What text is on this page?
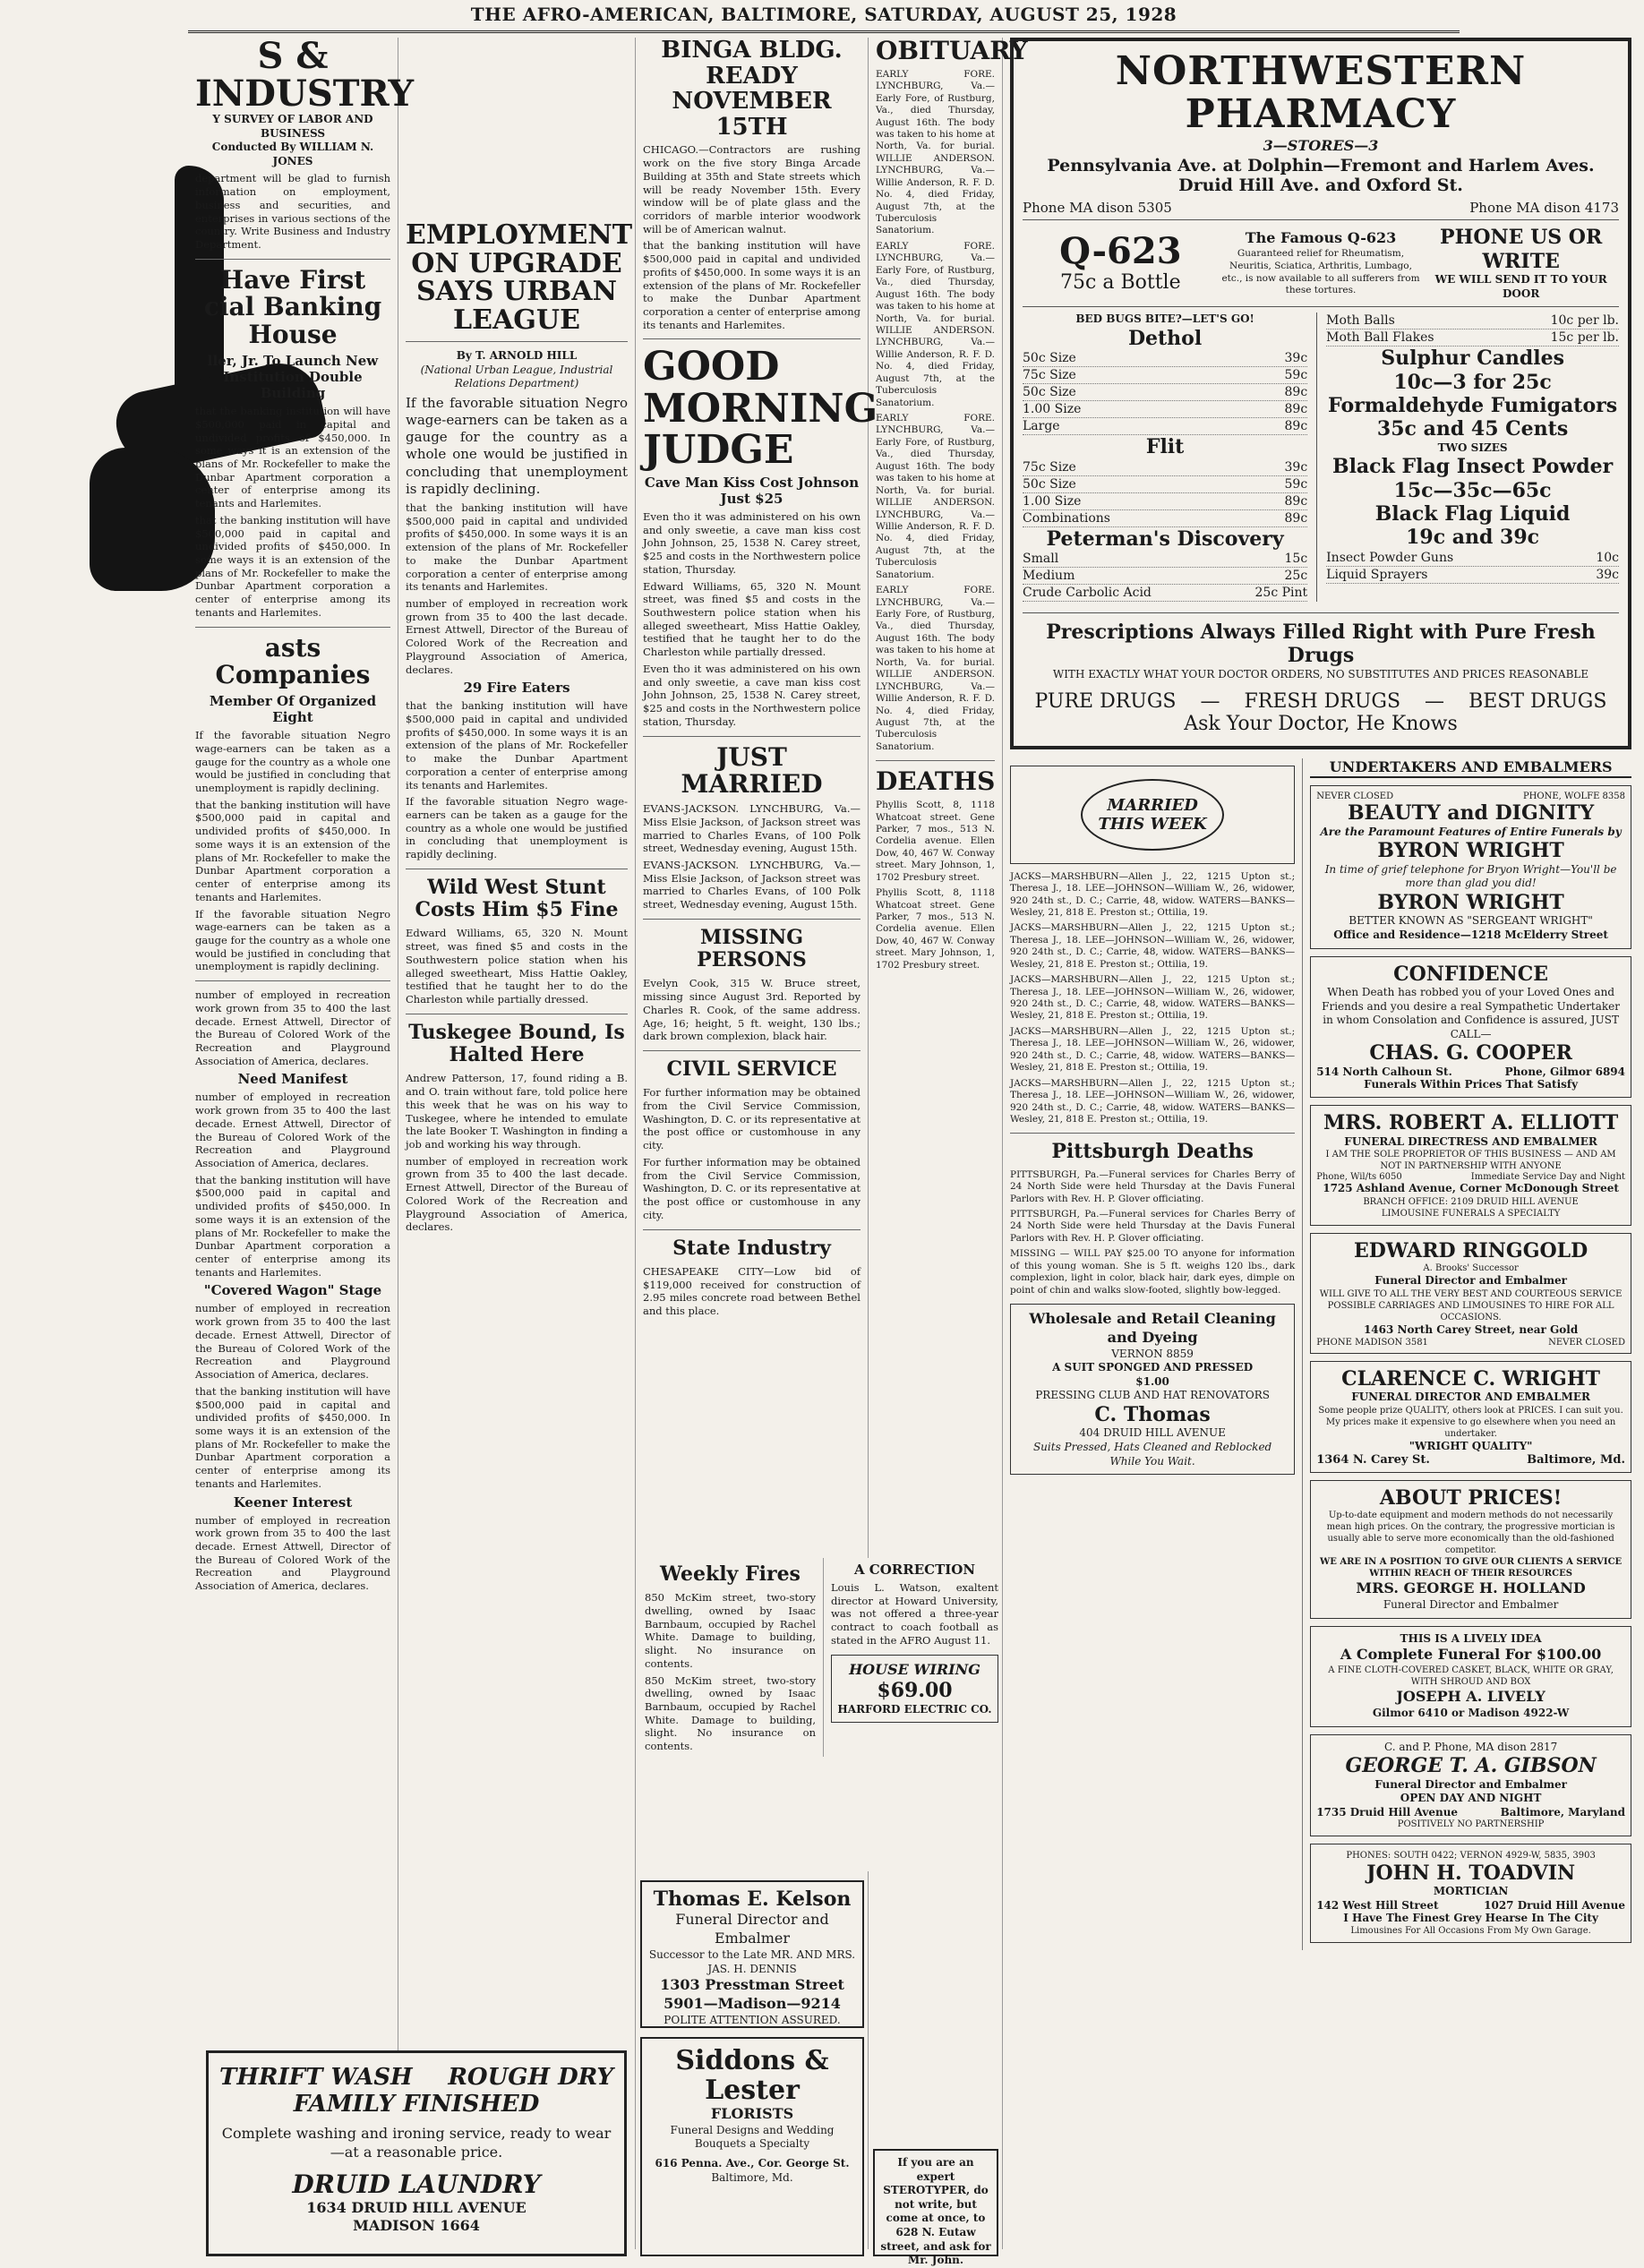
THE AFRO-AMERICAN, BALTIMORE, SATURDAY, AUGUST 25, 1928
S & INDUSTRY
Y SURVEY OF LABOR AND BUSINESS
Conducted By WILLIAM N. JONES
department will be glad to furnish information on employment, business and securities, and enterprises in various sections of the country. Write Business and Industry Department.
Have First
cial Banking House
ller, Jr. To Launch New Institution Double Building
that the banking institution will have $500,000 paid in capital and undivided profits of $450,000. In some ways it is an extension of the plans of Mr. Rockefeller to make the Dunbar Apartment corporation a center of enterprise among its tenants and Harlemites.
that the banking institution will have $500,000 paid in capital and undivided profits of $450,000. In some ways it is an extension of the plans of Mr. Rockefeller to make the Dunbar Apartment corporation a center of enterprise among its tenants and Harlemites.
asts
Companies
Member Of Organized Eight
If the favorable situation Negro wage-earners can be taken as a gauge for the country as a whole one would be justified in concluding that unemployment is rapidly declining.
that the banking institution will have $500,000 paid in capital and undivided profits of $450,000. In some ways it is an extension of the plans of Mr. Rockefeller to make the Dunbar Apartment corporation a center of enterprise among its tenants and Harlemites.
If the favorable situation Negro wage-earners can be taken as a gauge for the country as a whole one would be justified in concluding that unemployment is rapidly declining.
number of employed in recreation work grown from 35 to 400 the last decade. Ernest Attwell, Director of the Bureau of Colored Work of the Recreation and Playground Association of America, declares.
Need Manifest
number of employed in recreation work grown from 35 to 400 the last decade. Ernest Attwell, Director of the Bureau of Colored Work of the Recreation and Playground Association of America, declares.
that the banking institution will have $500,000 paid in capital and undivided profits of $450,000. In some ways it is an extension of the plans of Mr. Rockefeller to make the Dunbar Apartment corporation a center of enterprise among its tenants and Harlemites.
"Covered Wagon" Stage
number of employed in recreation work grown from 35 to 400 the last decade. Ernest Attwell, Director of the Bureau of Colored Work of the Recreation and Playground Association of America, declares.
that the banking institution will have $500,000 paid in capital and undivided profits of $450,000. In some ways it is an extension of the plans of Mr. Rockefeller to make the Dunbar Apartment corporation a center of enterprise among its tenants and Harlemites.
Keener Interest
number of employed in recreation work grown from 35 to 400 the last decade. Ernest Attwell, Director of the Bureau of Colored Work of the Recreation and Playground Association of America, declares.
EMPLOYMENT ON UPGRADE SAYS URBAN LEAGUE
By T. ARNOLD HILL
(National Urban League, Industrial Relations Department)
If the favorable situation Negro wage-earners can be taken as a gauge for the country as a whole one would be justified in concluding that unemployment is rapidly declining.
that the banking institution will have $500,000 paid in capital and undivided profits of $450,000. In some ways it is an extension of the plans of Mr. Rockefeller to make the Dunbar Apartment corporation a center of enterprise among its tenants and Harlemites.
number of employed in recreation work grown from 35 to 400 the last decade. Ernest Attwell, Director of the Bureau of Colored Work of the Recreation and Playground Association of America, declares.
29 Fire Eaters
that the banking institution will have $500,000 paid in capital and undivided profits of $450,000. In some ways it is an extension of the plans of Mr. Rockefeller to make the Dunbar Apartment corporation a center of enterprise among its tenants and Harlemites.
If the favorable situation Negro wage-earners can be taken as a gauge for the country as a whole one would be justified in concluding that unemployment is rapidly declining.
Wild West Stunt Costs Him $5 Fine
Edward Williams, 65, 320 N. Mount street, was fined $5 and costs in the Southwestern police station when his alleged sweetheart, Miss Hattie Oakley, testified that he taught her to do the Charleston while partially dressed.
Tuskegee Bound, Is Halted Here
Andrew Patterson, 17, found riding a B. and O. train without fare, told police here this week that he was on his way to Tuskegee, where he intended to emulate the late Booker T. Washington in finding a job and working his way through.
number of employed in recreation work grown from 35 to 400 the last decade. Ernest Attwell, Director of the Bureau of Colored Work of the Recreation and Playground Association of America, declares.
THRIFT WASH ROUGH DRY
FAMILY FINISHED
Complete washing and ironing service, ready to wear—at a reasonable price.
DRUID LAUNDRY
1634 DRUID HILL AVENUE
MADISON 1664
BINGA BLDG. READY NOVEMBER 15TH
CHICAGO.—Contractors are rushing work on the five story Binga Arcade Building at 35th and State streets which will be ready November 15th. Every window will be of plate glass and the corridors of marble interior woodwork will be of American walnut.
that the banking institution will have $500,000 paid in capital and undivided profits of $450,000. In some ways it is an extension of the plans of Mr. Rockefeller to make the Dunbar Apartment corporation a center of enterprise among its tenants and Harlemites.
GOOD MORNING JUDGE
Cave Man Kiss Cost Johnson Just $25
Even tho it was administered on his own and only sweetie, a cave man kiss cost John Johnson, 25, 1538 N. Carey street, $25 and costs in the Northwestern police station, Thursday.
Edward Williams, 65, 320 N. Mount street, was fined $5 and costs in the Southwestern police station when his alleged sweetheart, Miss Hattie Oakley, testified that he taught her to do the Charleston while partially dressed.
Even tho it was administered on his own and only sweetie, a cave man kiss cost John Johnson, 25, 1538 N. Carey street, $25 and costs in the Northwestern police station, Thursday.
JUST MARRIED
EVANS-JACKSON. LYNCHBURG, Va.—Miss Elsie Jackson, of Jackson street was married to Charles Evans, of 100 Polk street, Wednesday evening, August 15th.
EVANS-JACKSON. LYNCHBURG, Va.—Miss Elsie Jackson, of Jackson street was married to Charles Evans, of 100 Polk street, Wednesday evening, August 15th.
MISSING PERSONS
Evelyn Cook, 315 W. Bruce street, missing since August 3rd. Reported by Charles R. Cook, of the same address. Age, 16; height, 5 ft. weight, 130 lbs.; dark brown complexion, black hair.
CIVIL SERVICE
For further information may be obtained from the Civil Service Commission, Washington, D. C. or its representative at the post office or customhouse in any city.
For further information may be obtained from the Civil Service Commission, Washington, D. C. or its representative at the post office or customhouse in any city.
State Industry
CHESAPEAKE CITY—Low bid of $119,000 received for construction of 2.95 miles concrete road between Bethel and this place.
OBITUARY
EARLY FORE. LYNCHBURG, Va.—Early Fore, of Rustburg, Va., died Thursday, August 16th. The body was taken to his home at North, Va. for burial. WILLIE ANDERSON. LYNCHBURG, Va.—Willie Anderson, R. F. D. No. 4, died Friday, August 7th, at the Tuberculosis Sanatorium.
EARLY FORE. LYNCHBURG, Va.—Early Fore, of Rustburg, Va., died Thursday, August 16th. The body was taken to his home at North, Va. for burial. WILLIE ANDERSON. LYNCHBURG, Va.—Willie Anderson, R. F. D. No. 4, died Friday, August 7th, at the Tuberculosis Sanatorium.
EARLY FORE. LYNCHBURG, Va.—Early Fore, of Rustburg, Va., died Thursday, August 16th. The body was taken to his home at North, Va. for burial. WILLIE ANDERSON. LYNCHBURG, Va.—Willie Anderson, R. F. D. No. 4, died Friday, August 7th, at the Tuberculosis Sanatorium.
EARLY FORE. LYNCHBURG, Va.—Early Fore, of Rustburg, Va., died Thursday, August 16th. The body was taken to his home at North, Va. for burial. WILLIE ANDERSON. LYNCHBURG, Va.—Willie Anderson, R. F. D. No. 4, died Friday, August 7th, at the Tuberculosis Sanatorium.
DEATHS
Phyllis Scott, 8, 1118 Whatcoat street. Gene Parker, 7 mos., 513 N. Cordelia avenue. Ellen Dow, 40, 467 W. Conway street. Mary Johnson, 1, 1702 Presbury street.
Phyllis Scott, 8, 1118 Whatcoat street. Gene Parker, 7 mos., 513 N. Cordelia avenue. Ellen Dow, 40, 467 W. Conway street. Mary Johnson, 1, 1702 Presbury street.
Weekly Fires
850 McKim street, two-story dwelling, owned by Isaac Barnbaum, occupied by Rachel White. Damage to building, slight. No insurance on contents.
850 McKim street, two-story dwelling, owned by Isaac Barnbaum, occupied by Rachel White. Damage to building, slight. No insurance on contents.
A CORRECTION
Louis L. Watson, exaltent director at Howard University, was not offered a three-year contract to coach football as stated in the AFRO August 11.
HOUSE WIRING
$69.00
HARFORD ELECTRIC CO.
Thomas E. Kelson
Funeral Director and Embalmer
Successor to the Late MR. AND MRS. JAS. H. DENNIS
1303 Presstman Street
5901—Madison—9214
POLITE ATTENTION ASSURED.
Siddons & Lester
FLORISTS
Funeral Designs and Wedding Bouquets a Specialty
616 Penna. Ave., Cor. George St.
Baltimore, Md.
If you are an expert STEROTYPER, do not write, but come at once, to 628 N. Eutaw street, and ask for Mr. John.
NORTHWESTERN PHARMACY
3—STORES—3
Pennsylvania Ave. at Dolphin—Fremont and Harlem Aves.
Druid Hill Ave. and Oxford St.
Phone MA dison 5305	Phone MA dison 4173
Q-623
75c a Bottle
The Famous Q-623
Guaranteed relief for Rheumatism, Neuritis, Sciatica, Arthritis, Lumbago, etc., is now available to all sufferers from these tortures.
PHONE US OR WRITE
WE WILL SEND IT TO YOUR DOOR
BED BUGS BITE?—LET'S GO!
Dethol
50c Size	39c
75c Size	59c
50c Size	89c
1.00 Size	89c
Large	89c
Flit
75c Size	39c
50c Size	59c
1.00 Size	89c
Combinations	89c
Peterman's Discovery
Small	15c
Medium	25c
Crude Carbolic Acid	25c Pint
Moth Balls	10c per lb.
Moth Ball Flakes	15c per lb.
Sulphur Candles
10c—3 for 25c
Formaldehyde Fumigators
35c and 45 Cents
TWO SIZES
Black Flag Insect Powder
15c—35c—65c
Black Flag Liquid
19c and 39c
Insect Powder Guns	10c
Liquid Sprayers	39c
Prescriptions Always Filled Right with Pure Fresh Drugs
WITH EXACTLY WHAT YOUR DOCTOR ORDERS, NO SUBSTITUTES AND PRICES REASONABLE
PURE DRUGS — FRESH DRUGS — BEST DRUGS
Ask Your Doctor, He Knows
MARRIED THIS WEEK
JACKS—MARSHBURN—Allen J., 22, 1215 Upton st.; Theresa J., 18. LEE—JOHNSON—William W., 26, widower, 920 24th st., D. C.; Carrie, 48, widow. WATERS—BANKS—Wesley, 21, 818 E. Preston st.; Ottilia, 19.
JACKS—MARSHBURN—Allen J., 22, 1215 Upton st.; Theresa J., 18. LEE—JOHNSON—William W., 26, widower, 920 24th st., D. C.; Carrie, 48, widow. WATERS—BANKS—Wesley, 21, 818 E. Preston st.; Ottilia, 19.
JACKS—MARSHBURN—Allen J., 22, 1215 Upton st.; Theresa J., 18. LEE—JOHNSON—William W., 26, widower, 920 24th st., D. C.; Carrie, 48, widow. WATERS—BANKS—Wesley, 21, 818 E. Preston st.; Ottilia, 19.
JACKS—MARSHBURN—Allen J., 22, 1215 Upton st.; Theresa J., 18. LEE—JOHNSON—William W., 26, widower, 920 24th st., D. C.; Carrie, 48, widow. WATERS—BANKS—Wesley, 21, 818 E. Preston st.; Ottilia, 19.
JACKS—MARSHBURN—Allen J., 22, 1215 Upton st.; Theresa J., 18. LEE—JOHNSON—William W., 26, widower, 920 24th st., D. C.; Carrie, 48, widow. WATERS—BANKS—Wesley, 21, 818 E. Preston st.; Ottilia, 19.
Pittsburgh Deaths
PITTSBURGH, Pa.—Funeral services for Charles Berry of 24 North Side were held Thursday at the Davis Funeral Parlors with Rev. H. P. Glover officiating.
PITTSBURGH, Pa.—Funeral services for Charles Berry of 24 North Side were held Thursday at the Davis Funeral Parlors with Rev. H. P. Glover officiating.
MISSING — WILL PAY $25.00 TO anyone for information of this young woman. She is 5 ft. weighs 120 lbs., dark complexion, light in color, black hair, dark eyes, dimple on point of chin and walks slow-footed, slightly bow-legged.
Wholesale and Retail Cleaning and Dyeing
VERNON 8859
A SUIT SPONGED AND PRESSED
$1.00
PRESSING CLUB AND HAT RENOVATORS
C. Thomas
404 DRUID HILL AVENUE
Suits Pressed, Hats Cleaned and Reblocked While You Wait.
UNDERTAKERS AND EMBALMERS
NEVER CLOSED	PHONE, WOLFE 8358
BEAUTY and DIGNITY
Are the Paramount Features of Entire Funerals by
BYRON WRIGHT
In time of grief telephone for Bryon Wright—You'll be more than glad you did!
BYRON WRIGHT
BETTER KNOWN AS "SERGEANT WRIGHT"
Office and Residence—1218 McElderry Street
CONFIDENCE
When Death has robbed you of your Loved Ones and Friends and you desire a real Sympathetic Undertaker in whom Consolation and Confidence is assured, JUST CALL—
CHAS. G. COOPER
514 North Calhoun St.	Phone, Gilmor 6894
Funerals Within Prices That Satisfy
MRS. ROBERT A. ELLIOTT
FUNERAL DIRECTRESS AND EMBALMER
I AM THE SOLE PROPRIETOR OF THIS BUSINESS — AND AM NOT IN PARTNERSHIP WITH ANYONE
Phone, Wil/ts 6050	Immediate Service Day and Night
1725 Ashland Avenue, Corner McDonough Street
BRANCH OFFICE: 2109 DRUID HILL AVENUE
LIMOUSINE FUNERALS A SPECIALTY
EDWARD RINGGOLD
A. Brooks' Successor
Funeral Director and Embalmer
WILL GIVE TO ALL THE VERY BEST AND COURTEOUS SERVICE POSSIBLE CARRIAGES AND LIMOUSINES TO HIRE FOR ALL OCCASIONS.
1463 North Carey Street, near Gold
PHONE MADISON 3581	NEVER CLOSED
CLARENCE C. WRIGHT
FUNERAL DIRECTOR AND EMBALMER
Some people prize QUALITY, others look at PRICES. I can suit you. My prices make it expensive to go elsewhere when you need an undertaker.
"WRIGHT QUALITY"
1364 N. Carey St.	Baltimore, Md.
ABOUT PRICES!
Up-to-date equipment and modern methods do not necessarily mean high prices. On the contrary, the progressive mortician is usually able to serve more economically than the old-fashioned competitor.
WE ARE IN A POSITION TO GIVE OUR CLIENTS A SERVICE WITHIN REACH OF THEIR RESOURCES
MRS. GEORGE H. HOLLAND
Funeral Director and Embalmer
THIS IS A LIVELY IDEA
A Complete Funeral For $100.00
A FINE CLOTH-COVERED CASKET, BLACK, WHITE OR GRAY, WITH SHROUD AND BOX
JOSEPH A. LIVELY
Gilmor 6410 or Madison 4922-W
C. and P. Phone, MA dison 2817
GEORGE T. A. GIBSON
Funeral Director and Embalmer
OPEN DAY AND NIGHT
1735 Druid Hill Avenue	Baltimore, Maryland
POSITIVELY NO PARTNERSHIP
PHONES: SOUTH 0422; VERNON 4929-W, 5835, 3903
JOHN H. TOADVIN
MORTICIAN
142 West Hill Street	1027 Druid Hill Avenue
I Have The Finest Grey Hearse In The City
Limousines For All Occasions From My Own Garage.
